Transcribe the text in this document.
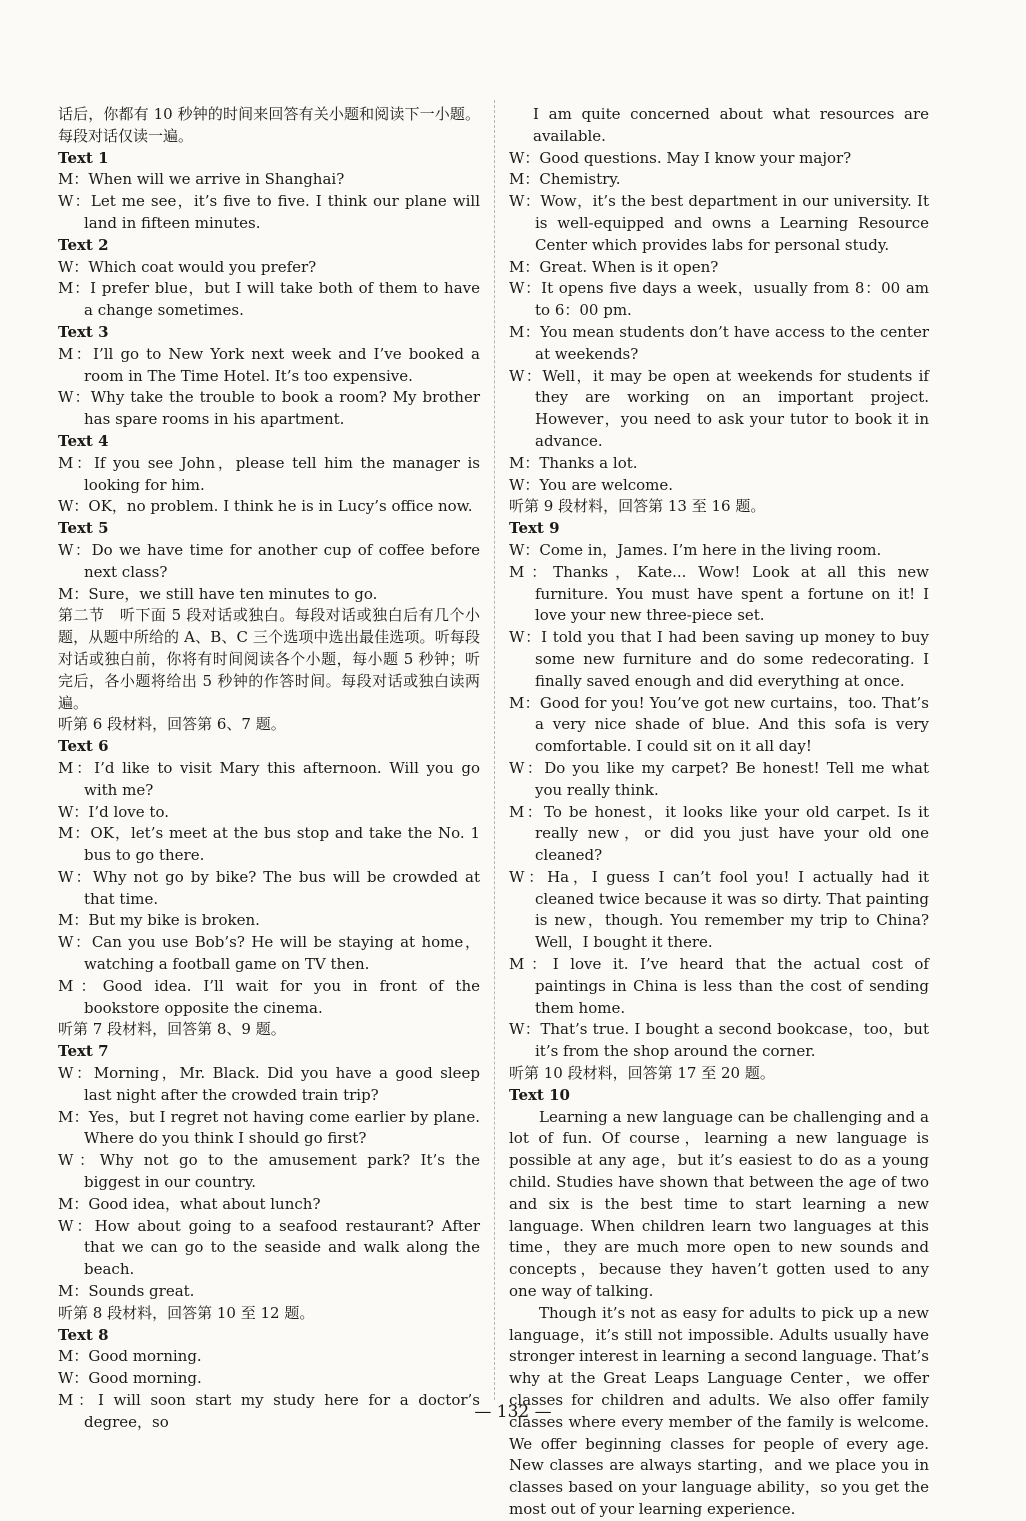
话后，你都有 10 秒钟的时间来回答有关小题和阅读下一小题。每段对话仅读一遍。

Text 1

M：When will we arrive in Shanghai?

W：Let me see，it’s five to five. I think our plane will land in fifteen minutes.

Text 2

W：Which coat would you prefer?

M：I prefer blue，but I will take both of them to have a change sometimes.

Text 3

M：I’ll go to New York next week and I’ve booked a room in The Time Hotel. It’s too expensive.

W：Why take the trouble to book a room? My brother has spare rooms in his apartment.

Text 4

M：If you see John，please tell him the manager is looking for him.

W：OK，no problem. I think he is in Lucy’s office now.

Text 5

W：Do we have time for another cup of coffee before next class?

M：Sure，we still have ten minutes to go.

第二节　听下面 5 段对话或独白。每段对话或独白后有几个小题，从题中所给的 A、B、C 三个选项中选出最佳选项。听每段对话或独白前，你将有时间阅读各个小题，每小题 5 秒钟；听完后，各小题将给出 5 秒钟的作答时间。每段对话或独白读两遍。

听第 6 段材料，回答第 6、7 题。

Text 6

M：I’d like to visit Mary this afternoon. Will you go with me?

W：I’d love to.

M：OK，let’s meet at the bus stop and take the No. 1 bus to go there.

W：Why not go by bike? The bus will be crowded at that time.

M：But my bike is broken.

W：Can you use Bob’s? He will be staying at home，watching a football game on TV then.

M：Good idea. I’ll wait for you in front of the bookstore opposite the cinema.

听第 7 段材料，回答第 8、9 题。

Text 7

W：Morning，Mr. Black. Did you have a good sleep last night after the crowded train trip?

M：Yes，but I regret not having come earlier by plane. Where do you think I should go first?

W：Why not go to the amusement park? It’s the biggest in our country.

M：Good idea，what about lunch?

W：How about going to a seafood restaurant? After that we can go to the seaside and walk along the beach.

M：Sounds great.

听第 8 段材料，回答第 10 至 12 题。

Text 8

M：Good morning.

W：Good morning.

M：I will soon start my study here for a doctor’s degree，so

I am quite concerned about what resources are available.

W：Good questions. May I know your major?

M：Chemistry.

W：Wow，it’s the best department in our university. It is well-equipped and owns a Learning Resource Center which provides labs for personal study.

M：Great. When is it open?

W：It opens five days a week，usually from 8：00 am to 6：00 pm.

M：You mean students don’t have access to the center at weekends?

W：Well，it may be open at weekends for students if they are working on an important project. However，you need to ask your tutor to book it in advance.

M：Thanks a lot.

W：You are welcome.

听第 9 段材料，回答第 13 至 16 题。

Text 9

W：Come in，James. I’m here in the living room.

M：Thanks，Kate... Wow! Look at all this new furniture. You must have spent a fortune on it! I love your new three-piece set.

W：I told you that I had been saving up money to buy some new furniture and do some redecorating. I finally saved enough and did everything at once.

M：Good for you! You’ve got new curtains，too. That’s a very nice shade of blue. And this sofa is very comfortable. I could sit on it all day!

W：Do you like my carpet? Be honest! Tell me what you really think.

M：To be honest，it looks like your old carpet. Is it really new，or did you just have your old one cleaned?

W：Ha，I guess I can’t fool you! I actually had it cleaned twice because it was so dirty. That painting is new，though. You remember my trip to China? Well，I bought it there.

M：I love it. I’ve heard that the actual cost of paintings in China is less than the cost of sending them home.

W：That’s true. I bought a second bookcase，too，but it’s from the shop around the corner.

听第 10 段材料，回答第 17 至 20 题。

Text 10

Learning a new language can be challenging and a lot of fun. Of course，learning a new language is possible at any age，but it’s easiest to do as a young child. Studies have shown that between the age of two and six is the best time to start learning a new language. When children learn two languages at this time，they are much more open to new sounds and concepts，because they haven’t gotten used to any one way of talking.

Though it’s not as easy for adults to pick up a new language，it’s still not impossible. Adults usually have stronger interest in learning a second language. That’s why at the Great Leaps Language Center，we offer classes for children and adults. We also offer family classes where every member of the family is welcome. We offer beginning classes for people of every age. New classes are always starting，and we place you in classes based on your language ability，so you get the most out of your learning experience.

— 132 —
